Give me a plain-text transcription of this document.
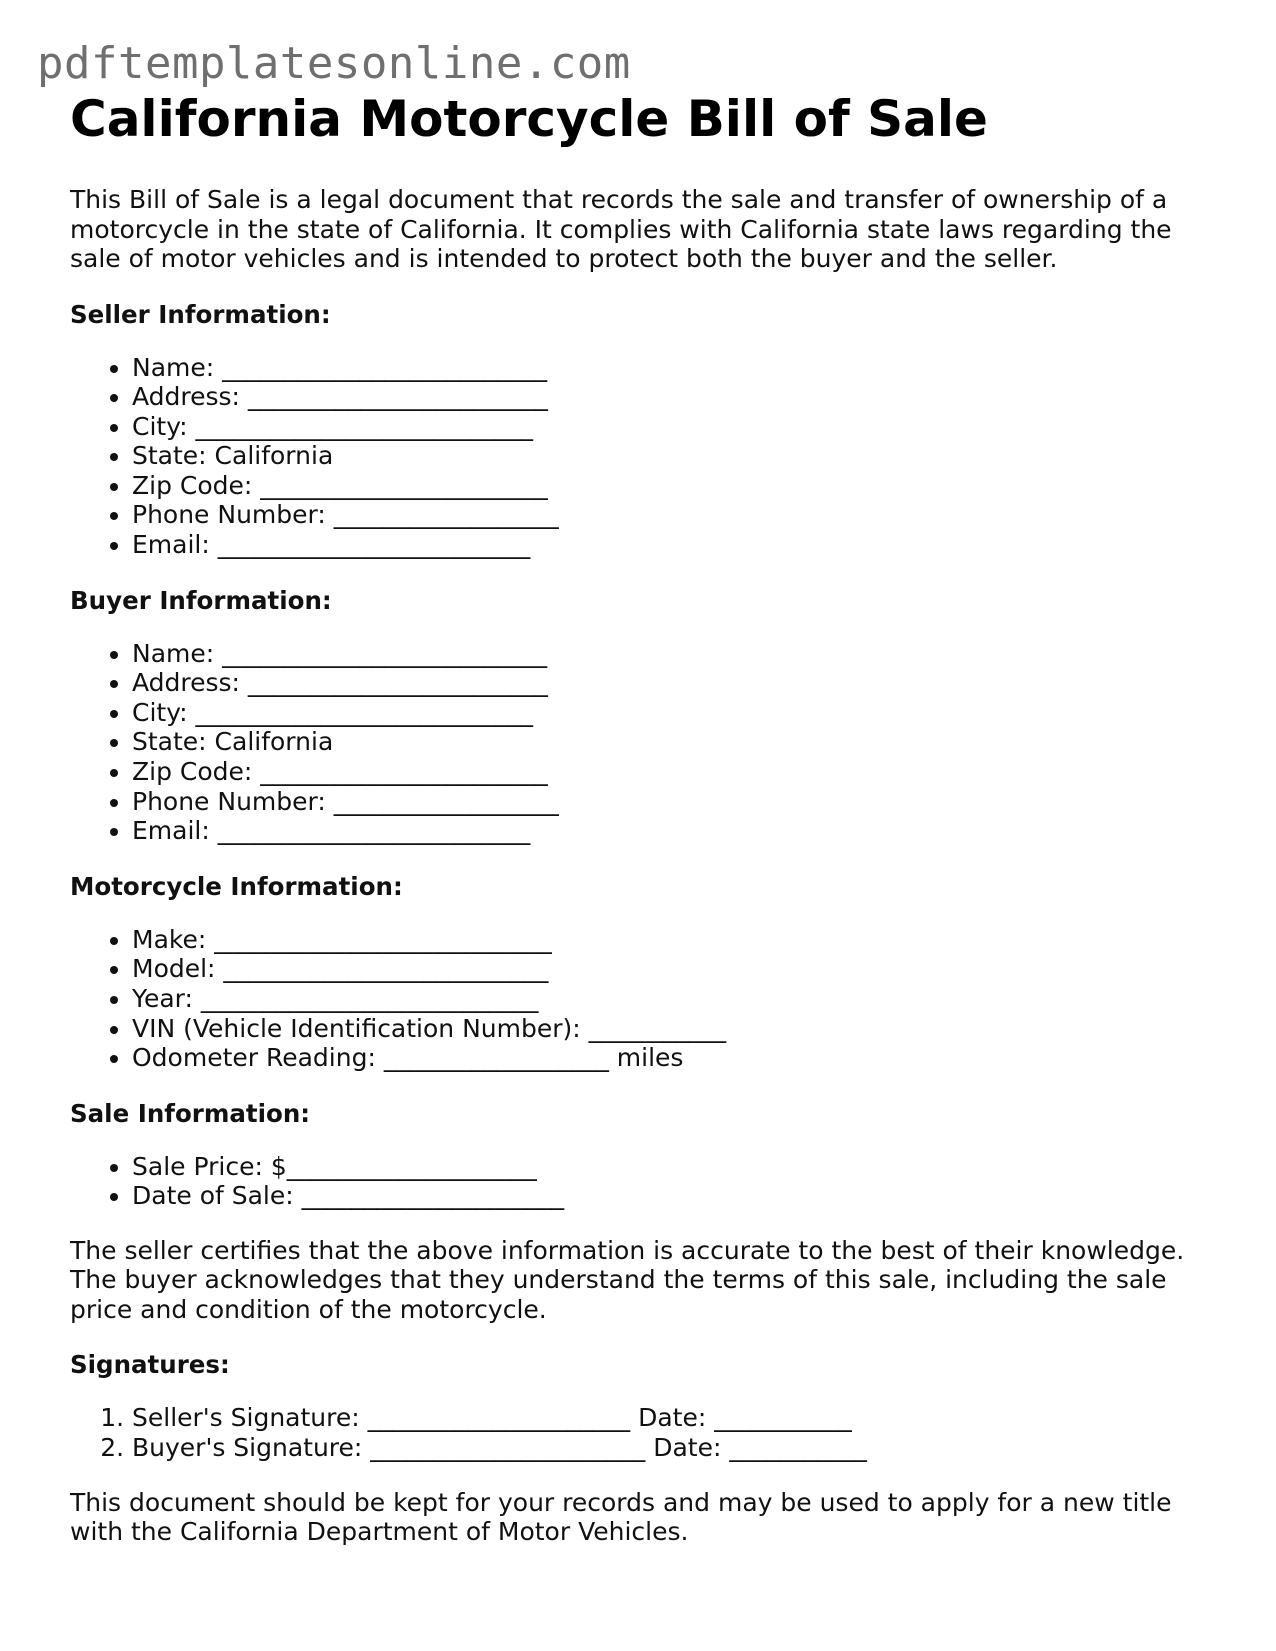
pdftemplatesonline.com
California Motorcycle Bill of Sale

This Bill of Sale is a legal document that records the sale and transfer of ownership of a motorcycle in the state of California. It complies with California state laws regarding the sale of motor vehicles and is intended to protect both the buyer and the seller.

Seller Information:
• Name: __________________________
• Address: ________________________
• City: ___________________________
• State: California
• Zip Code: _______________________
• Phone Number: __________________
• Email: _________________________
Buyer Information:
• Name: __________________________
• Address: ________________________
• City: ___________________________
• State: California
• Zip Code: _______________________
• Phone Number: __________________
• Email: _________________________
Motorcycle Information:
• Make: ___________________________
• Model: __________________________
• Year: ___________________________
• VIN (Vehicle Identification Number): ___________
• Odometer Reading: __________________ miles
Sale Information:
• Sale Price: $____________________
• Date of Sale: _____________________

The seller certifies that the above information is accurate to the best of their knowledge. The buyer acknowledges that they understand the terms of this sale, including the sale price and condition of the motorcycle.

Signatures:
1. Seller's Signature: _____________________ Date: ___________
2. Buyer's Signature: ______________________ Date: ___________

This document should be kept for your records and may be used to apply for a new title with the California Department of Motor Vehicles.
